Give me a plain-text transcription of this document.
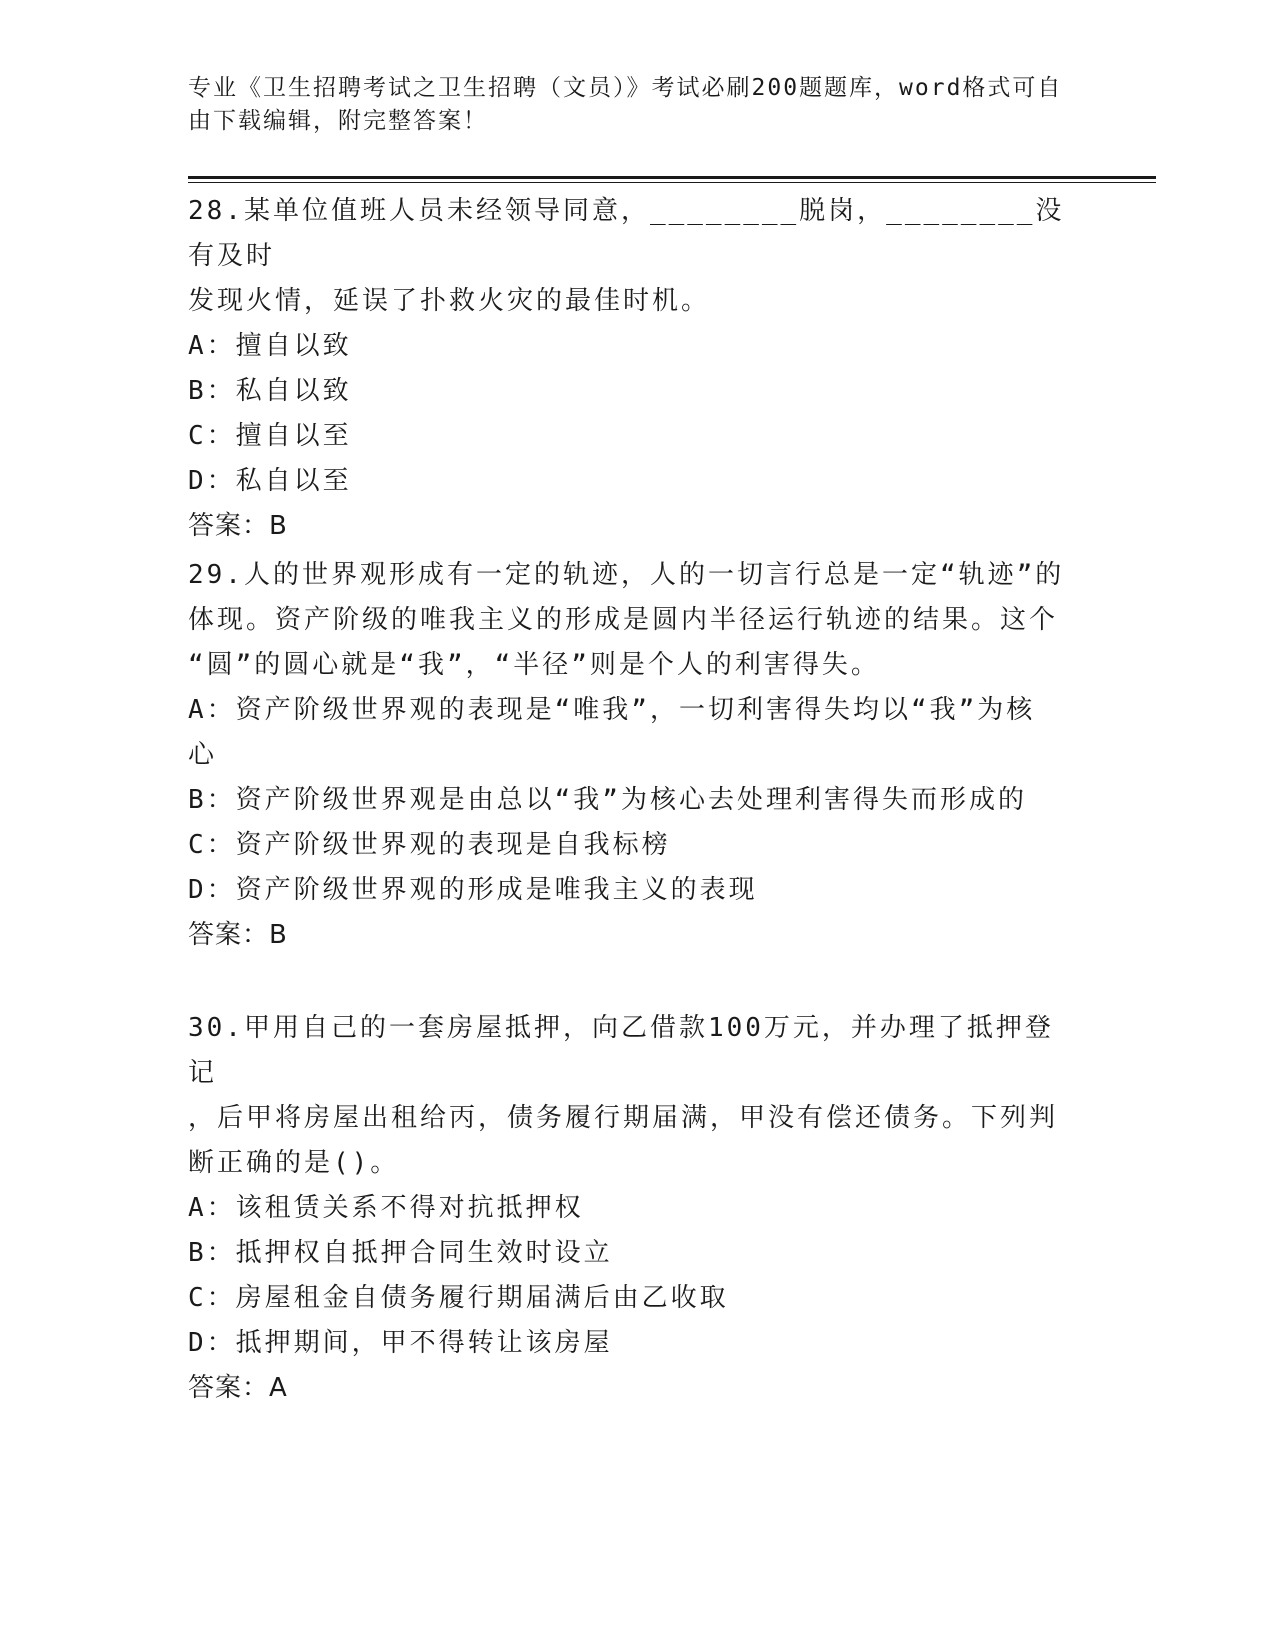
专业《卫生招聘考试之卫生招聘（文员）》考试必刷200题题库，word格式可自
由下载编辑，附完整答案！

28.某单位值班人员未经领导同意，________脱岗，________没有及时

发现火情，延误了扑救火灾的最佳时机。

A：擅自以致

B：私自以致

C：擅自以至

D：私自以至

答案：B

29.人的世界观形成有一定的轨迹，人的一切言行总是一定“轨迹”的

体现。资产阶级的唯我主义的形成是圆内半径运行轨迹的结果。这个

“圆”的圆心就是“我”，“半径”则是个人的利害得失。

A：资产阶级世界观的表现是“唯我”，一切利害得失均以“我”为核

心

B：资产阶级世界观是由总以“我”为核心去处理利害得失而形成的

C：资产阶级世界观的表现是自我标榜

D：资产阶级世界观的形成是唯我主义的表现

答案：B

30.甲用自己的一套房屋抵押，向乙借款100万元，并办理了抵押登记

，后甲将房屋出租给丙，债务履行期届满，甲没有偿还债务。下列判

断正确的是()。

A：该租赁关系不得对抗抵押权

B：抵押权自抵押合同生效时设立

C：房屋租金自债务履行期届满后由乙收取

D：抵押期间，甲不得转让该房屋

答案：A
